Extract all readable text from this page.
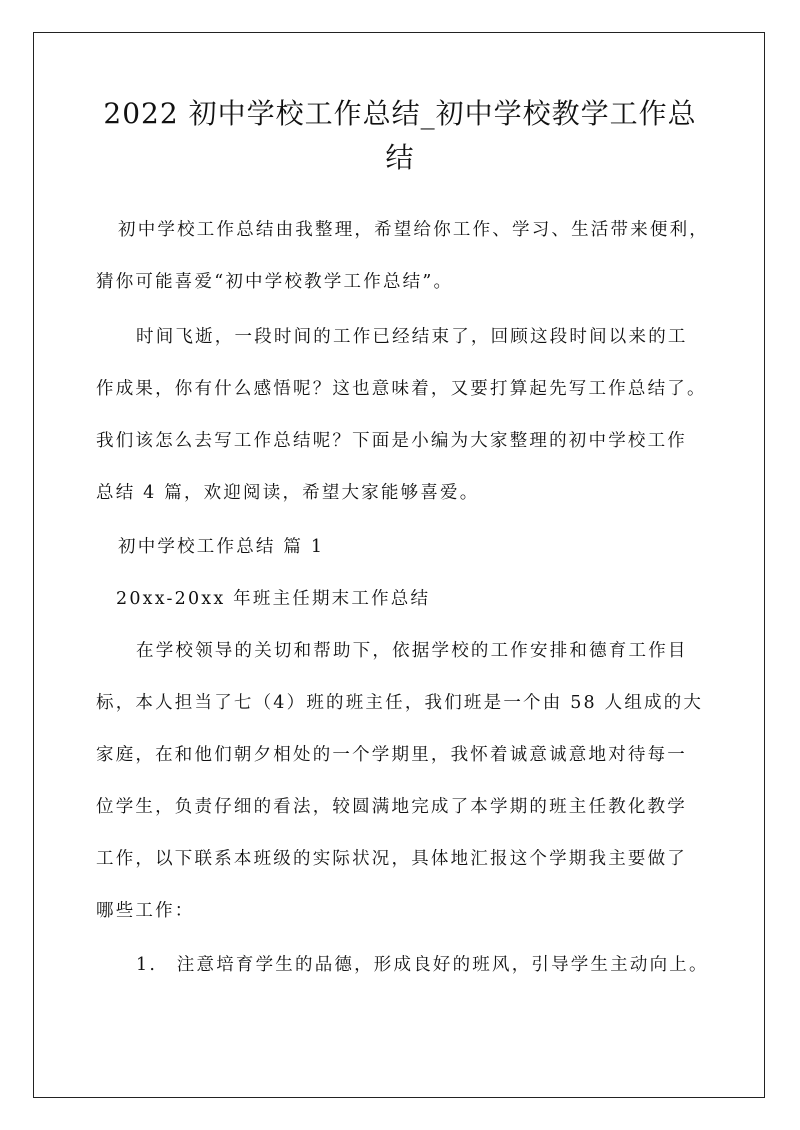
2022 初中学校工作总结_初中学校教学工作总
结
初中学校工作总结由我整理，希望给你工作、学习、生活带来便利，
猜你可能喜爱“初中学校教学工作总结”。
时间飞逝，一段时间的工作已经结束了，回顾这段时间以来的工
作成果，你有什么感悟呢？这也意味着，又要打算起先写工作总结了。
我们该怎么去写工作总结呢？下面是小编为大家整理的初中学校工作
总结 4 篇，欢迎阅读，希望大家能够喜爱。
初中学校工作总结 篇 1
20xx-20xx 年班主任期末工作总结
在学校领导的关切和帮助下，依据学校的工作安排和德育工作目
标，本人担当了七（4）班的班主任，我们班是一个由 58 人组成的大
家庭，在和他们朝夕相处的一个学期里，我怀着诚意诚意地对待每一
位学生，负责仔细的看法，较圆满地完成了本学期的班主任教化教学
工作，以下联系本班级的实际状况，具体地汇报这个学期我主要做了
哪些工作：
1.　注意培育学生的品德，形成良好的班风，引导学生主动向上。
